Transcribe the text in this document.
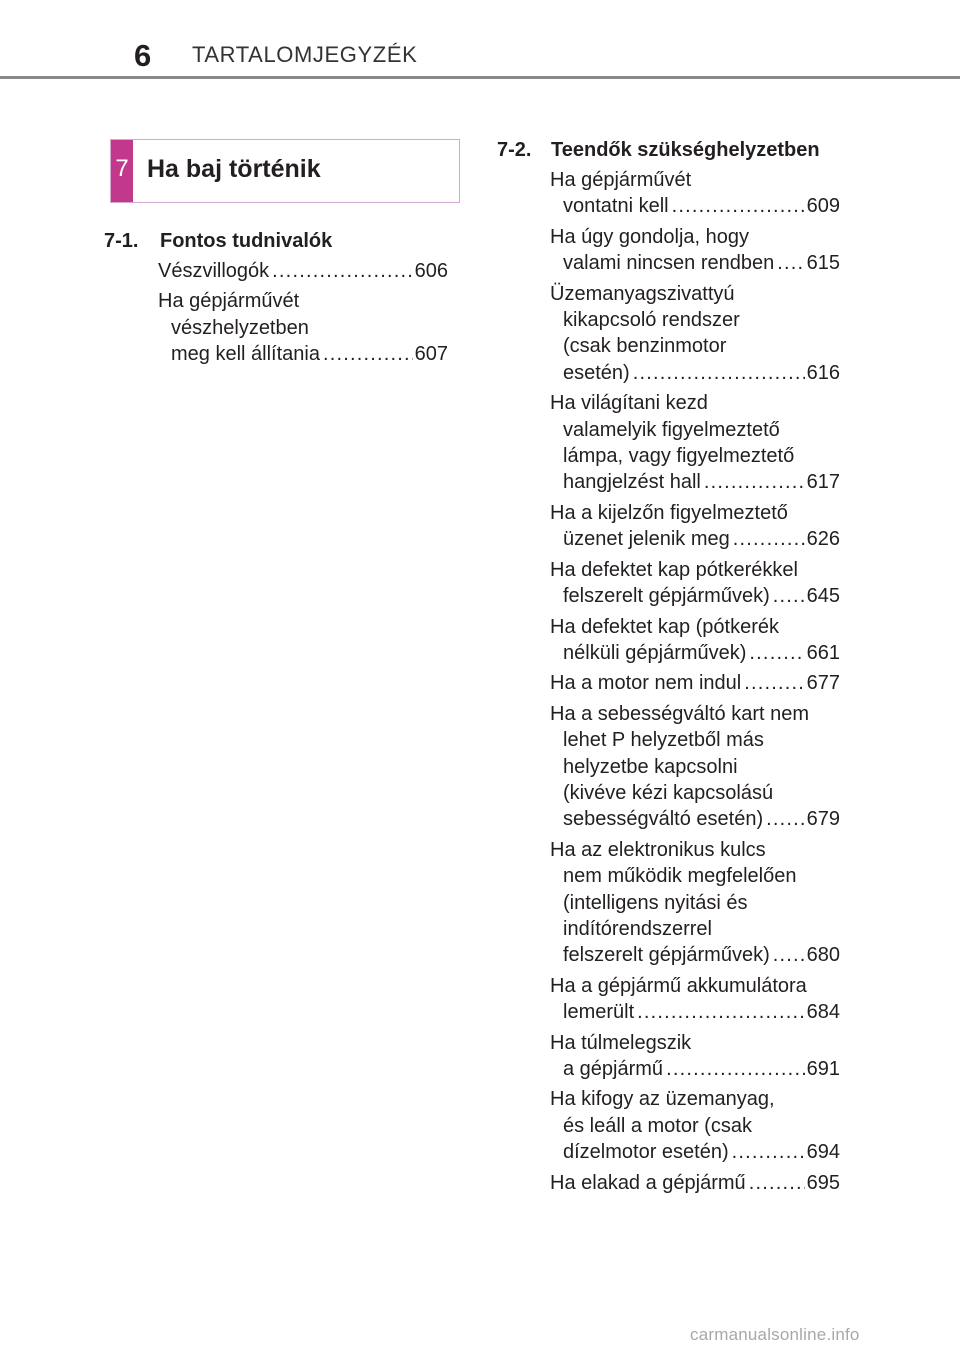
6 TARTALOMJEGYZÉK
7 Ha baj történik
7-1. Fontos tudnivalók
Vészvillogók .....	606
Ha gépjárművét
vészhelyzetben
meg kell állítania .....	607
7-2. Teendők szükséghelyzetben
Ha gépjárművét
vontatni kell .....	609
Ha úgy gondolja, hogy
valami nincsen rendben ..... 615
Üzemanyagszivattyú
kikapcsoló rendszer
(csak benzinmotor
esetén) .....	616
Ha világítani kezd
valamelyik figyelmeztető
lámpa, vagy figyelmeztető
hangjelzést hall .....	617
Ha a kijelzőn figyelmeztető
üzenet jelenik meg .....	626
Ha defektet kap pótkerékkel
felszerelt gépjárművek) ..... 645
Ha defektet kap (pótkerék
nélküli gépjárművek) .....	661
Ha a motor nem indul .....	677
Ha a sebességváltó kart nem
lehet P helyzetből más
helyzetbe kapcsolni
(kivéve kézi kapcsolású
sebességváltó esetén) ..... 679
Ha az elektronikus kulcs
nem működik megfelelően
(intelligens nyitási és
indítórendszerrel
felszerelt gépjárművek) ..... 680
Ha a gépjármű akkumulátora
lemerült .....	684
Ha túlmelegszik
a gépjármű .....	691
Ha kifogy az üzemanyag,
és leáll a motor (csak
dízelmotor esetén) .....	694
Ha elakad a gépjármű .....	695
carmanualsonline.info
